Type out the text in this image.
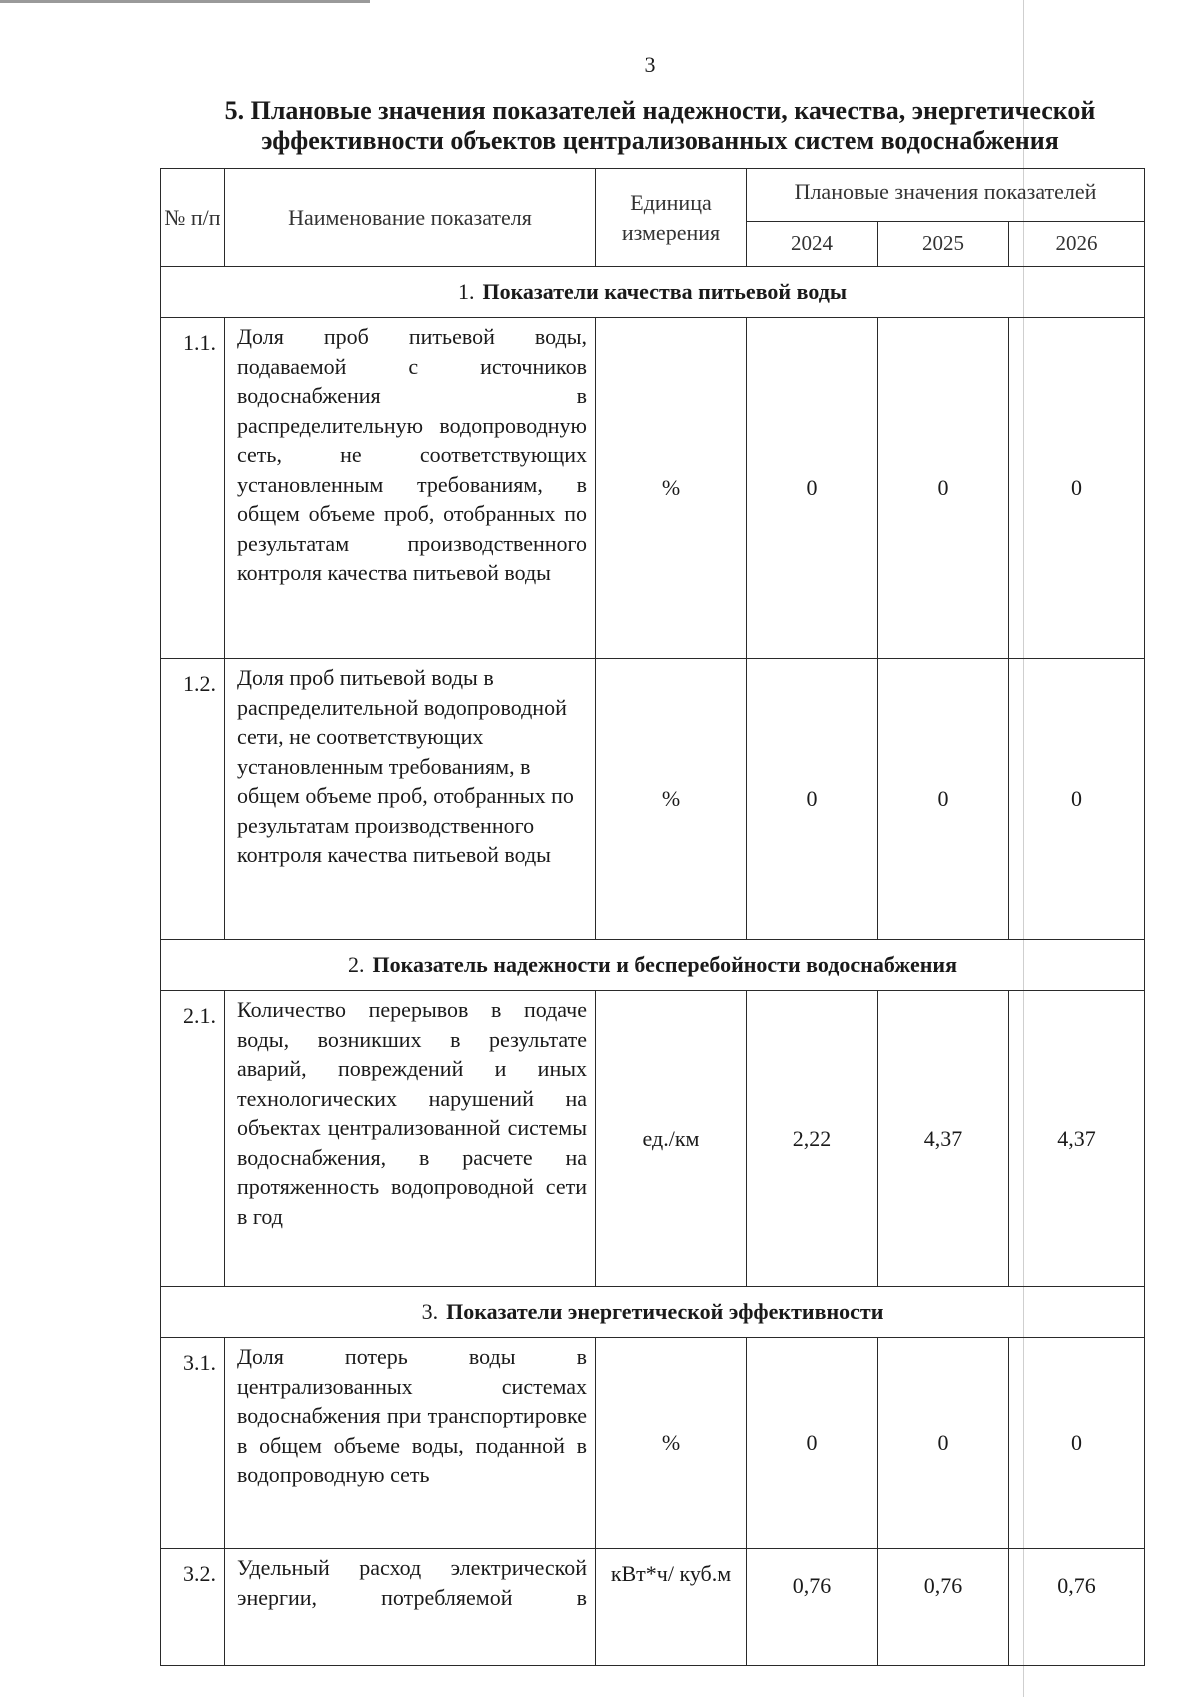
3
5. Плановые значения показателей надежности, качества, энергетической
эффективности объектов централизованных систем водоснабжения
№ п/п	Наименование показателя	Единица измерения	Плановые значения показателей		
			2024	2025	2026
1. Показатели качества питьевой воды					
1.1.	Доля проб питьевой воды, подаваемой с источников водоснабжения в распределительную водопроводную сеть, не соответствующих установленным требованиям, в общем объеме проб, отобранных по результатам производственного контроля качества питьевой воды	%	0	0	0
1.2.	Доля проб питьевой воды в распределительной водопроводной сети, не соответствующих установленным требованиям, в общем объеме проб, отобранных по результатам производственного контроля качества питьевой воды	%	0	0	0
2. Показатель надежности и бесперебойности водоснабжения					
2.1.	Количество перерывов в подаче воды, возникших в результате аварий, повреждений и иных технологических нарушений на объектах централизованной системы водоснабжения, в расчете на протяженность водопроводной сети в год	ед./км	2,22	4,37	4,37
3. Показатели энергетической эффективности					
3.1.	Доля потерь воды в централизованных системах водоснабжения при транспортировке в общем объеме воды, поданной в водопроводную сеть	%	0	0	0
3.2.	Удельный расход электрической энергии, потребляемой в	кВт*ч/ куб.м	0,76	0,76	0,76
